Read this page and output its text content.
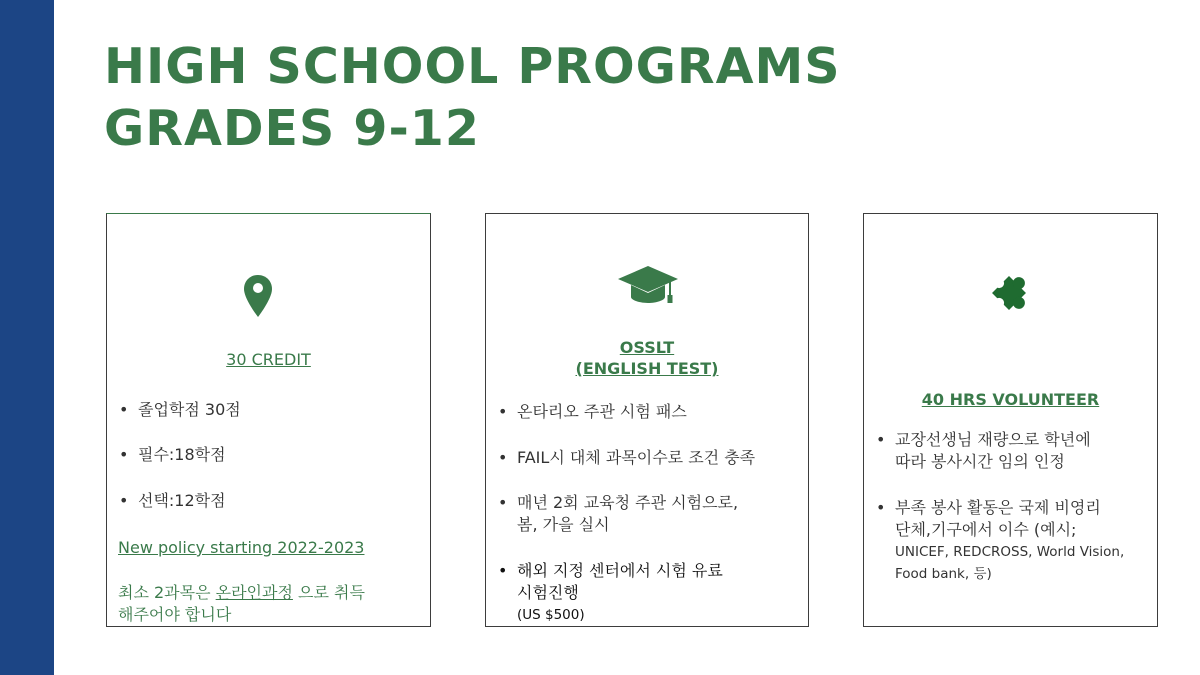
HIGH SCHOOL PROGRAMS
GRADES 9-12
30 CREDIT
• 졸업학점 30점
• 필수:18학점
• 선택:12학점
New policy starting 2022-2023
최소 2과목은 온라인과정 으로 취득
해주어야 합니다
OSSLT
(ENGLISH TEST)
• 온타리오 주관 시험 패스
• FAIL시 대체 과목이수로 조건 충족
• 매년 2회 교육청 주관 시험으로,
봄, 가을 실시
• 해외 지정 센터에서 시험 유료
시험진행
(US $500)
40 HRS VOLUNTEER
• 교장선생님 재량으로 학년에
따라 봉사시간 임의 인정
• 부족 봉사 활동은 국제 비영리
단체,기구에서 이수 (예시;
UNICEF, REDCROSS, World Vision,
Food bank, 등)
